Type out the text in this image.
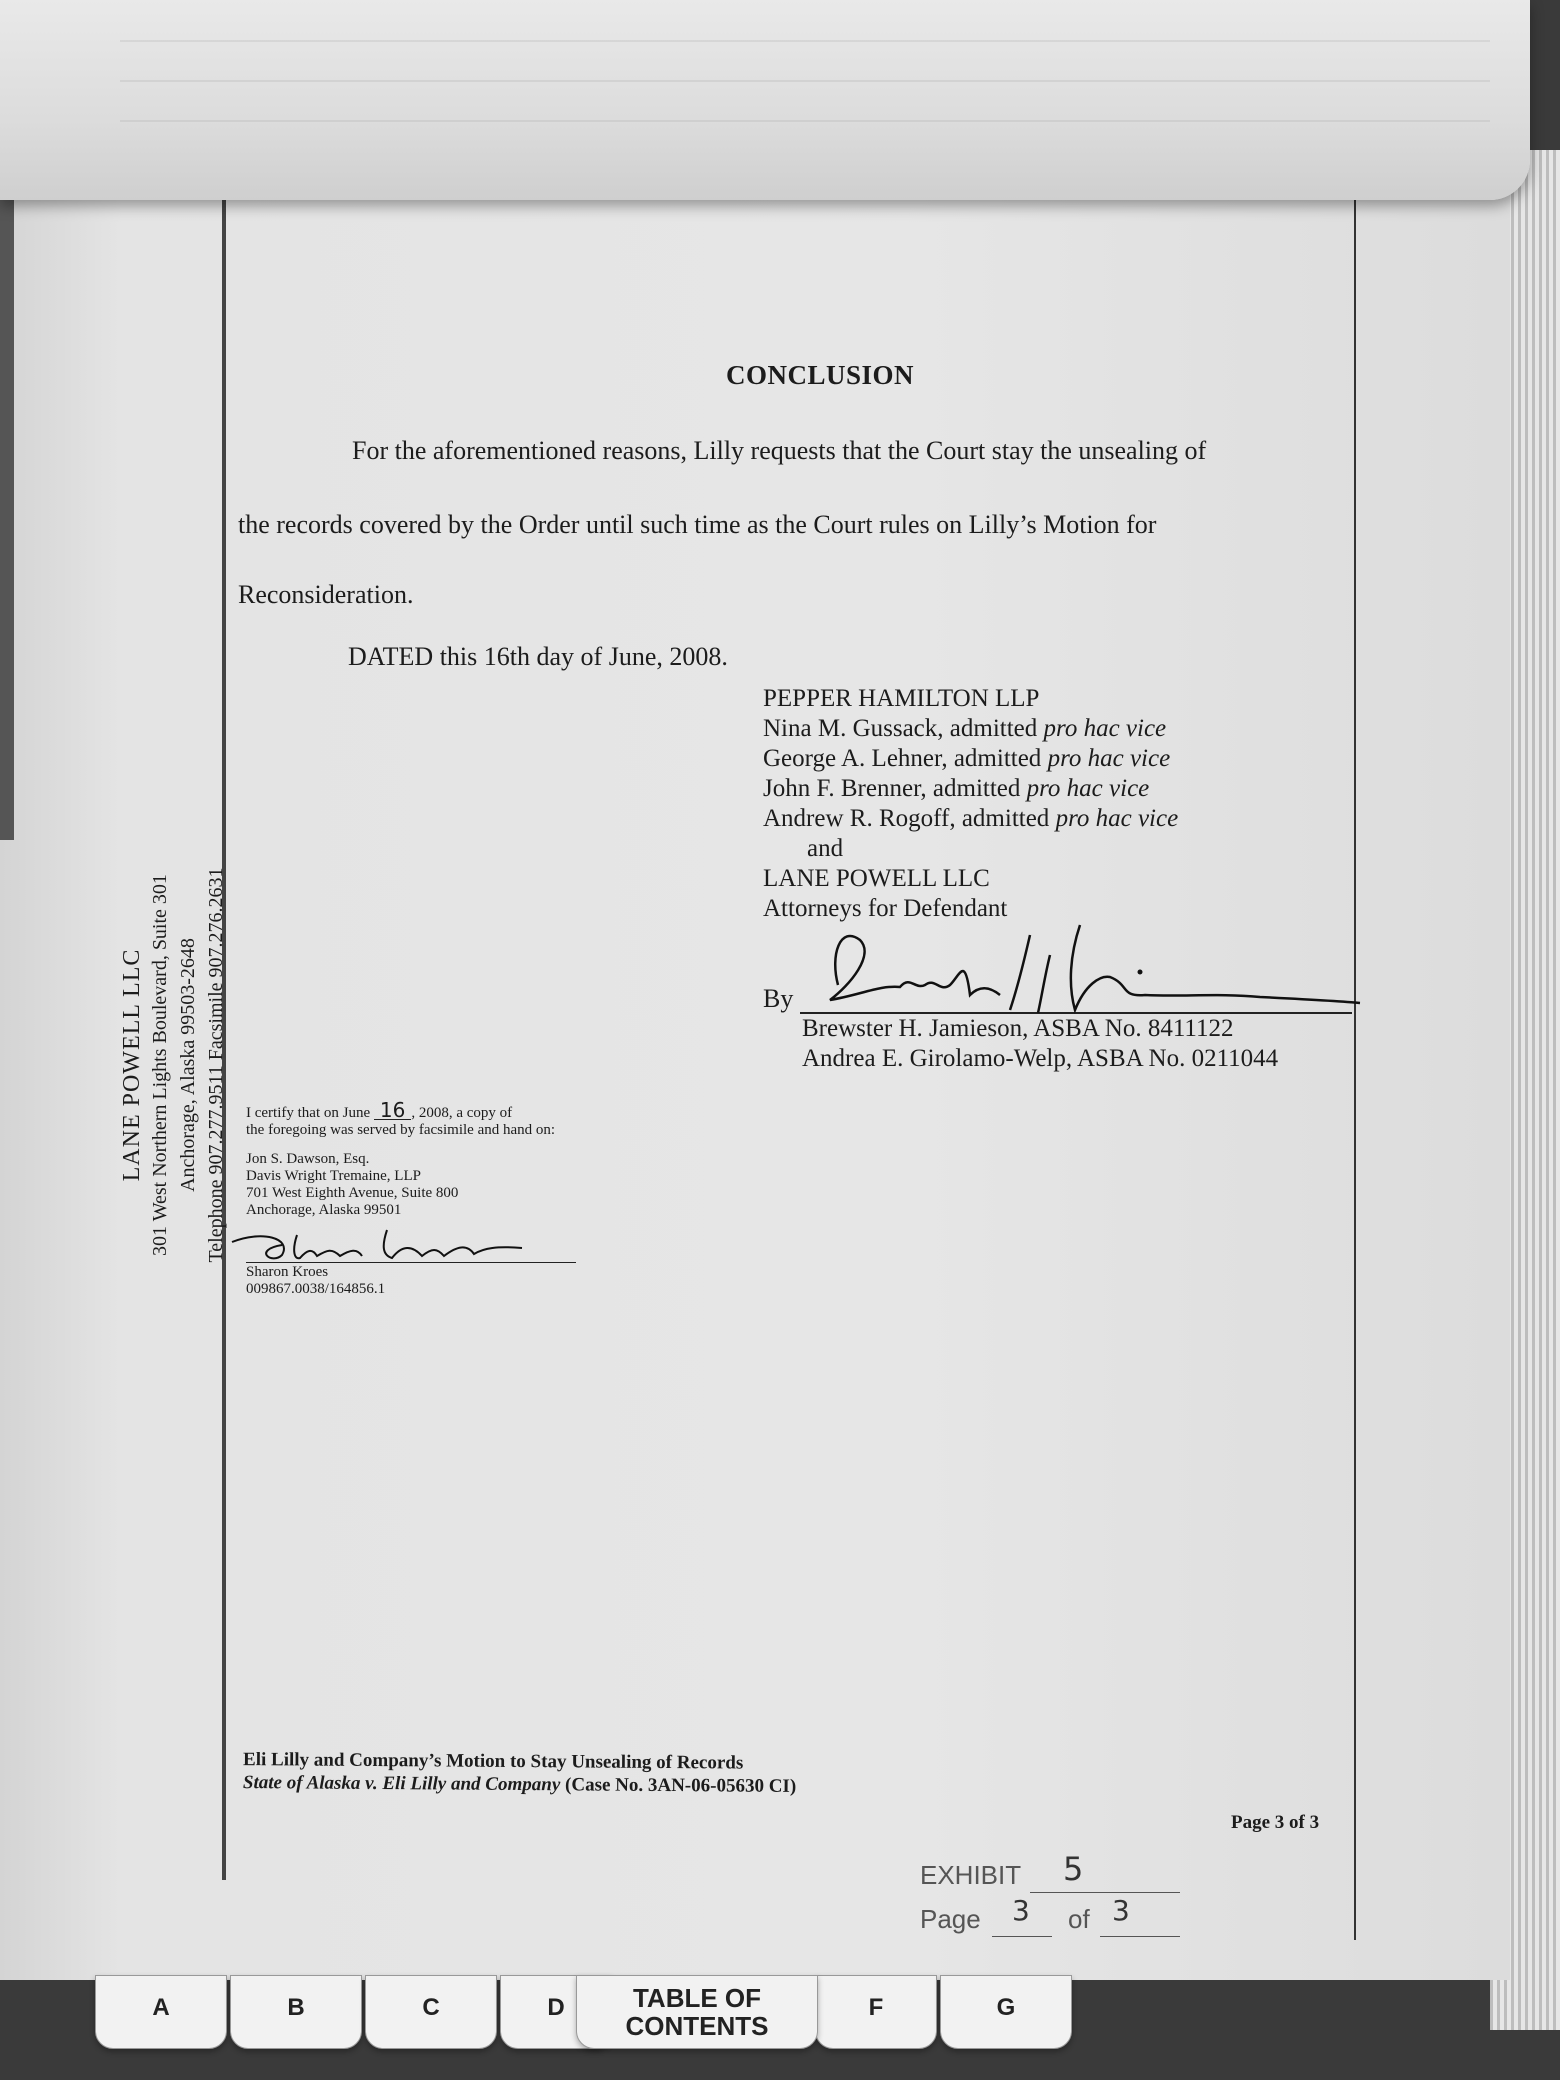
LANE POWELL LLC 301 West Northern Lights Boulevard, Suite 301 Anchorage, Alaska 99503-2648 Telephone 907.277.9511 Facsimile 907.276.2631
CONCLUSION
For the aforementioned reasons, Lilly requests that the Court stay the unsealing of
the records covered by the Order until such time as the Court rules on Lilly’s Motion for
Reconsideration.
DATED this 16th day of June, 2008.
PEPPER HAMILTON LLP
Nina M. Gussack, admitted pro hac vice
George A. Lehner, admitted pro hac vice
John F. Brenner, admitted pro hac vice
Andrew R. Rogoff, admitted pro hac vice
and
LANE POWELL LLC
Attorneys for Defendant
By
Brewster H. Jamieson, ASBA No. 8411122
Andrea E. Girolamo-Welp, ASBA No. 0211044
I certify that on June 16 , 2008, a copy of
the foregoing was served by facsimile and hand on:
Jon S. Dawson, Esq.
Davis Wright Tremaine, LLP
701 West Eighth Avenue, Suite 800
Anchorage, Alaska 99501
Sharon Kroes
009867.0038/164856.1
Eli Lilly and Company’s Motion to Stay Unsealing of Records
State of Alaska v. Eli Lilly and Company (Case No. 3AN-06-05630 CI)
Page 3 of 3
EXHIBIT 5
Page 3 of 3
A	B	C	D	TABLE OF CONTENTS
F	G
